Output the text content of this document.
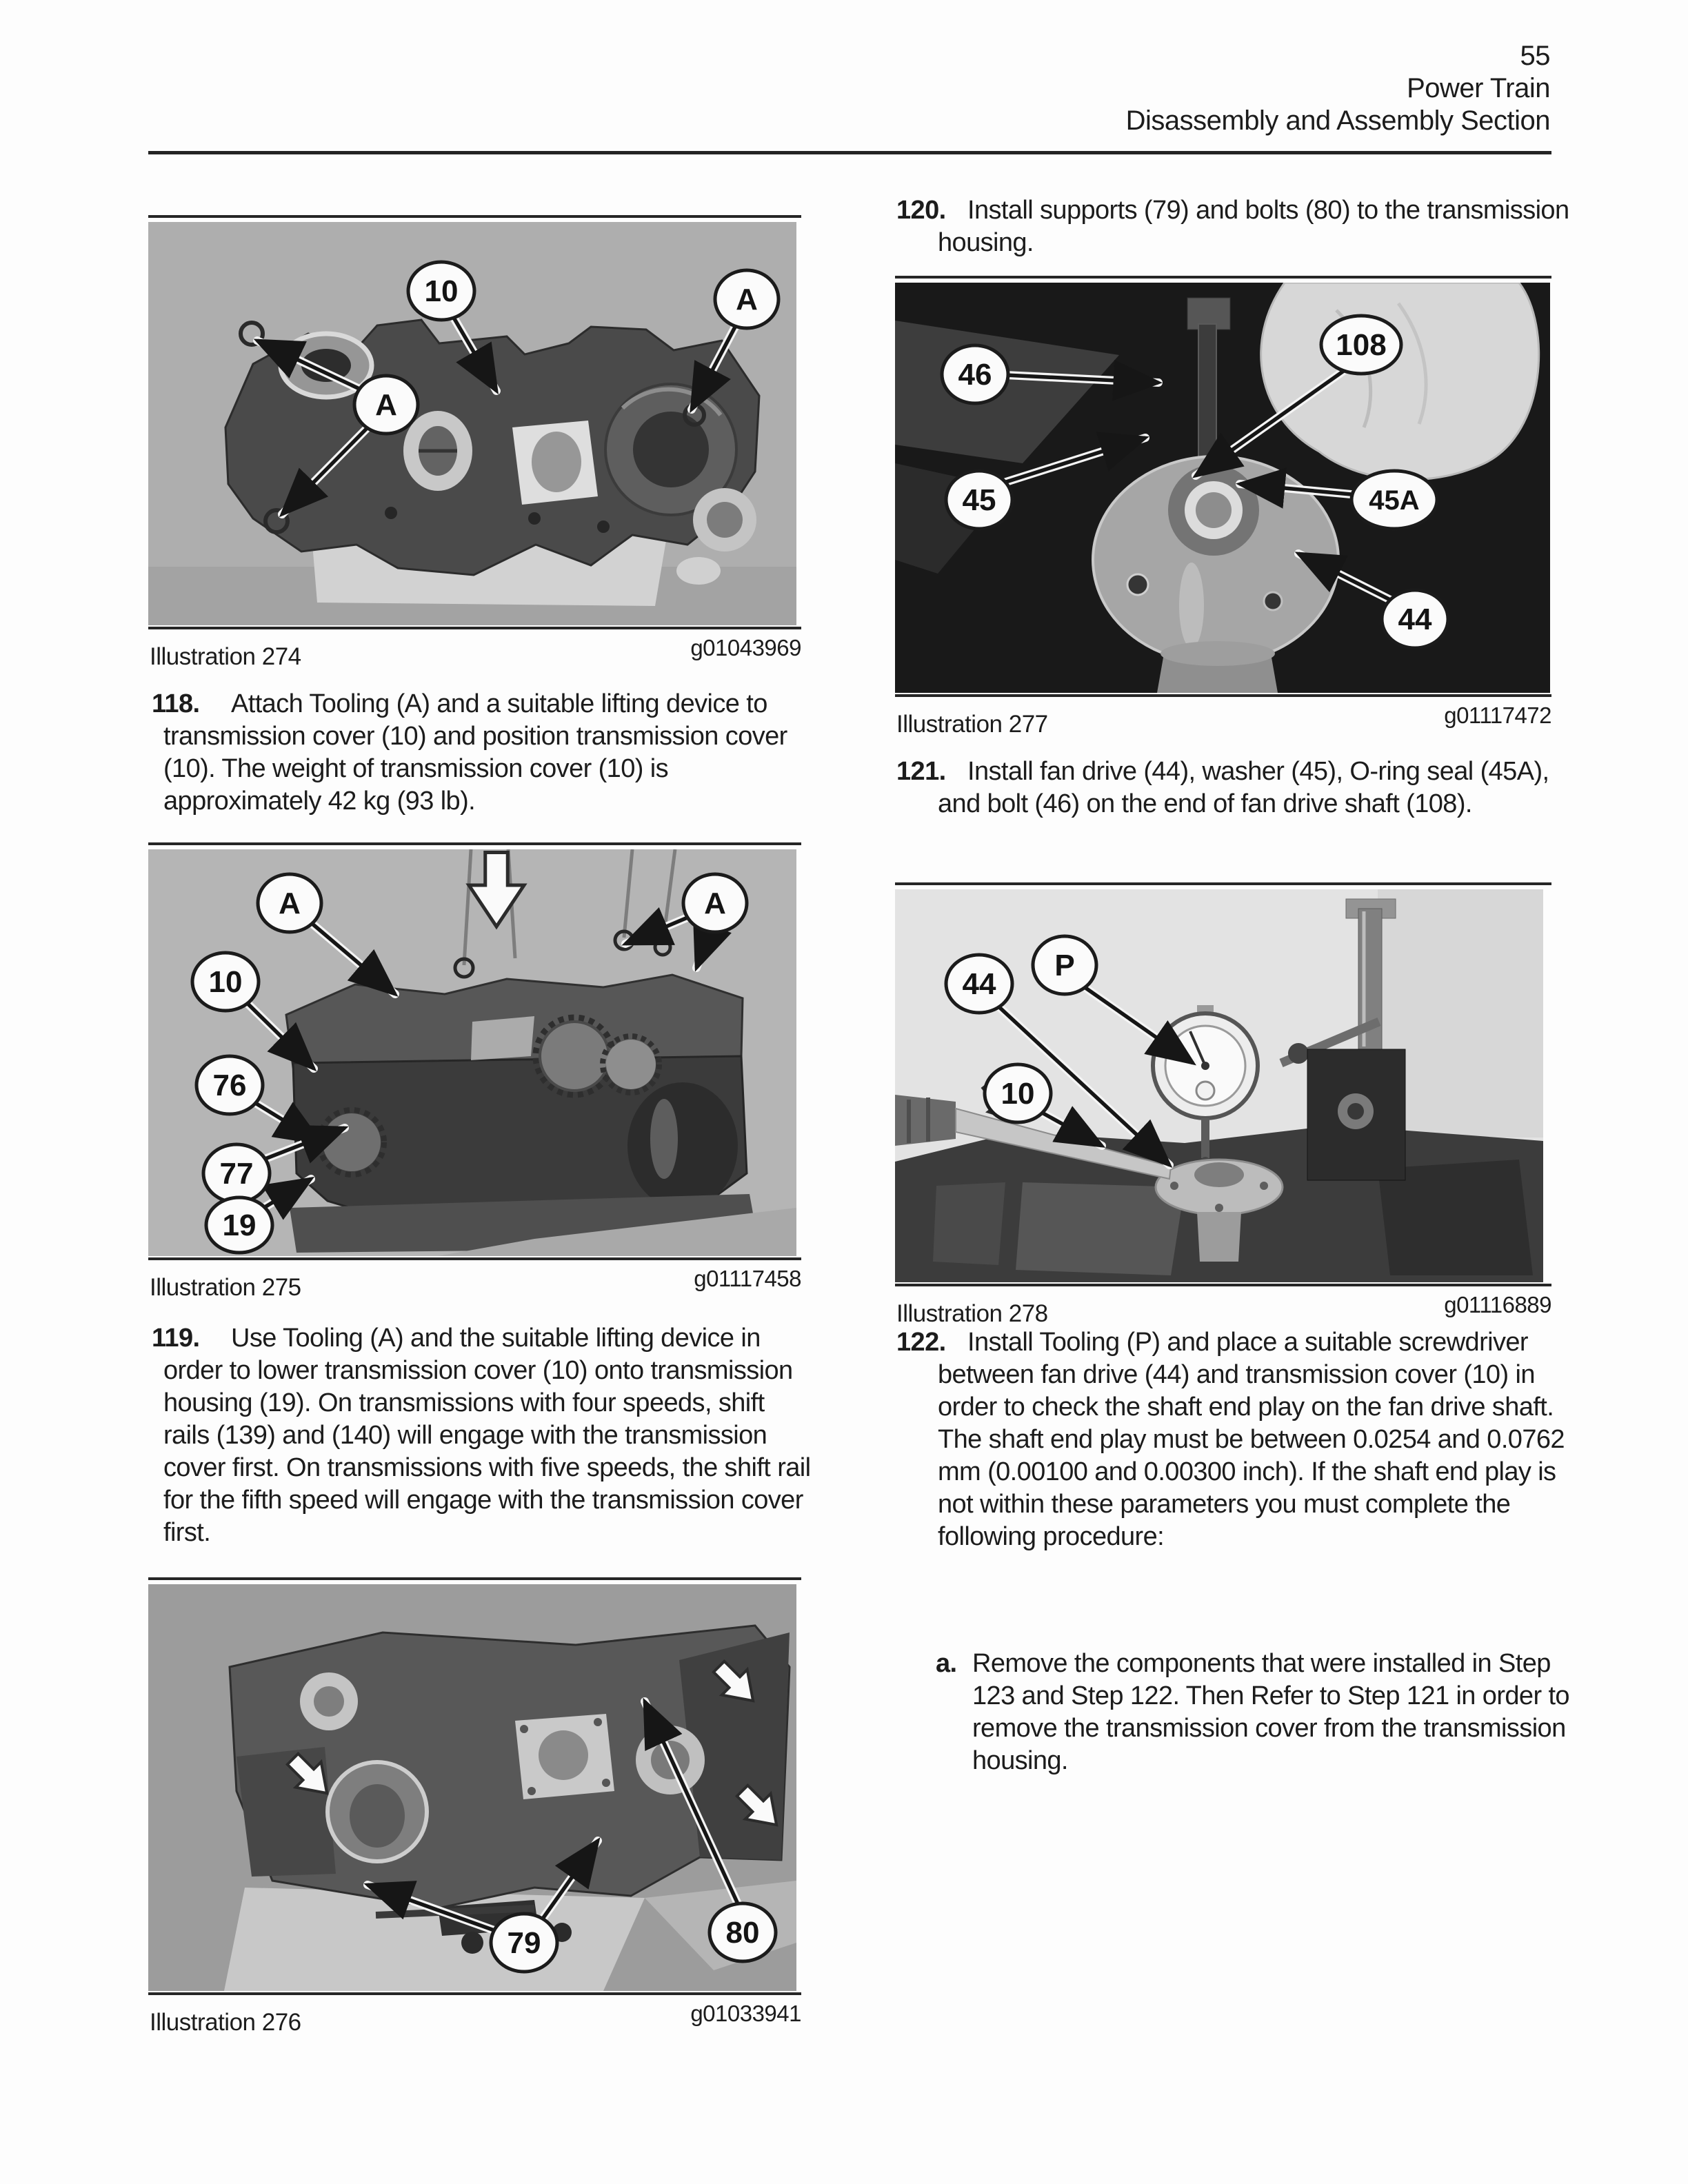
55
Power Train
Disassembly and Assembly Section
10	A
A
Illustration 274	g01043969
118.	Attach Tooling (A) and a suitable lifting device to transmission cover (10) and position transmission cover (10). The weight of transmission cover (10) is approximately 42 kg (93 lb).
A	A
10
76
77
19
Illustration 275	g01117458
119.	Use Tooling (A) and the suitable lifting device in order to lower transmission cover (10) onto transmission housing (19). On transmissions with four speeds, shift rails (139) and (140) will engage with the transmission cover first. On transmissions with five speeds, the shift rail for the fifth speed will engage with the transmission cover first.
79	80
Illustration 276	g01033941
120. Install supports (79) and bolts (80) to the transmission housing.
46
108
45	45A
44
Illustration 277	g01117472
121. Install fan drive (44), washer (45), O-ring seal (45A), and bolt (46) on the end of fan drive shaft (108).
44
P
10
Illustration 278	g01116889
122. Install Tooling (P) and place a suitable screwdriver between fan drive (44) and transmission cover (10) in order to check the shaft end play on the fan drive shaft. The shaft end play must be between 0.0254 and 0.0762 mm (0.00100 and 0.00300 inch). If the shaft end play is not within these parameters you must complete the following procedure:
a. Remove the components that were installed in Step 123 and Step 122. Then Refer to Step 121 in order to remove the transmission cover from the transmission housing.
